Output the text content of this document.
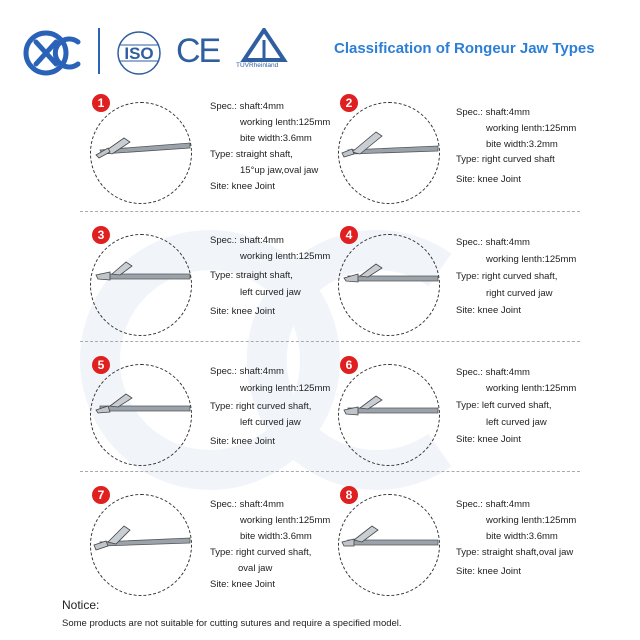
ISO CE	TÜVRheinland
Classification of Rongeur Jaw Types
1	Spec.: shaft:4mm
working lenth:125mm
bite width:3.6mm
Type: straight shaft,
15°up jaw,oval jaw
Site: knee Joint
2
Spec.: shaft:4mm
working lenth:125mm
bite width:3.2mm
Type: right curved shaft
Site: knee Joint
3	Spec.: shaft:4mm
working lenth:125mm
Type: straight shaft,
left curved jaw
Site: knee Joint
4
Spec.: shaft:4mm
working lenth:125mm
Type: right curved shaft,
right curved jaw
Site: knee Joint
5	Spec.: shaft:4mm
working lenth:125mm
Type: right curved shaft,
left curved jaw
Site: knee Joint
6
Spec.: shaft:4mm
working lenth:125mm
Type: left curved shaft,
left curved jaw
Site: knee Joint
7
Spec.: shaft:4mm
working lenth:125mm
bite width:3.6mm
Type: right curved shaft,
oval jaw
Site: knee Joint
8
Spec.: shaft:4mm
working lenth:125mm
bite width:3.6mm
Type: straight shaft,oval jaw
Site: knee Joint
Notice:
Some products are not suitable for cutting sutures and require a specified model.
